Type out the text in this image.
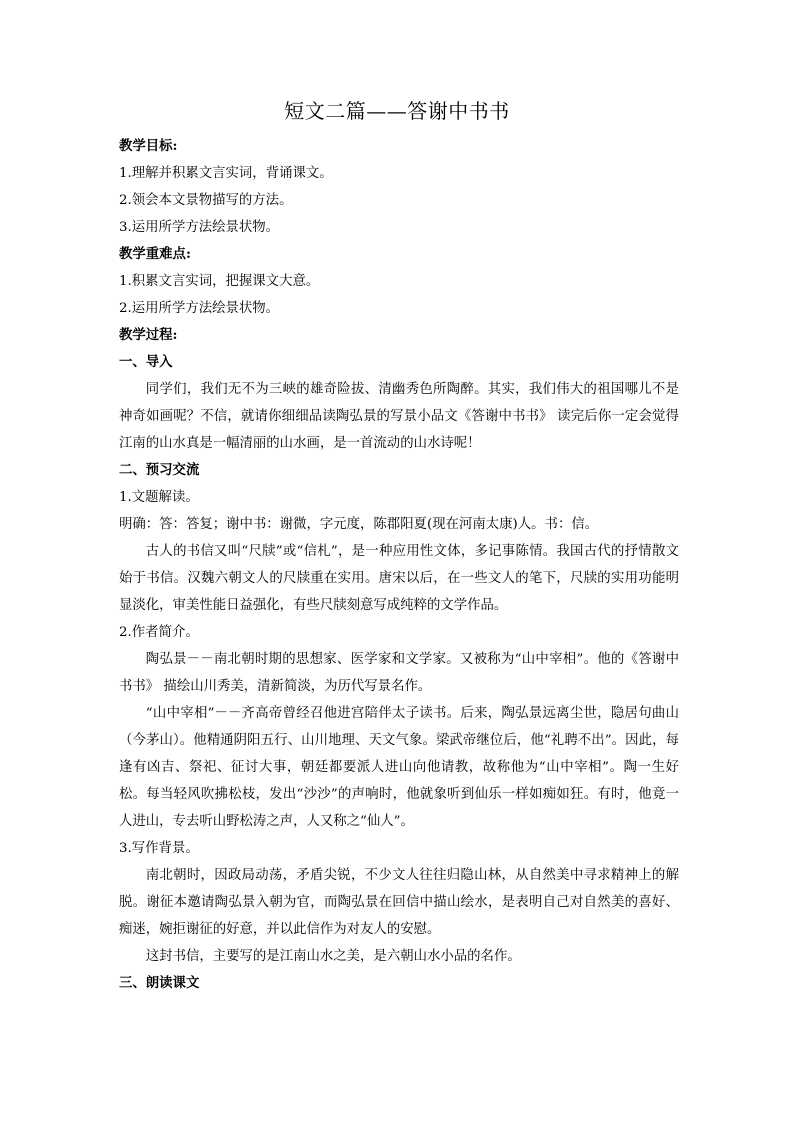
短文二篇——答谢中书书
教学目标:
1.理解并积累文言实词，背诵课文。
2.领会本文景物描写的方法。
3.运用所学方法绘景状物。
教学重难点:
1.积累文言实词，把握课文大意。
2.运用所学方法绘景状物。
教学过程:
一、导入
同学们，我们无不为三峡的雄奇险拔、清幽秀色所陶醉。其实，我们伟大的祖国哪儿不是神奇如画呢？不信，就请你细细品读陶弘景的写景小品文《答谢中书书》 读完后你一定会觉得江南的山水真是一幅清丽的山水画，是一首流动的山水诗呢！
二、预习交流
1.文题解读。
明确：答：答复；谢中书：谢微，字元度，陈郡阳夏(现在河南太康)人。书：信。
古人的书信又叫“尺牍”或“信札”，是一种应用性文体，多记事陈情。我国古代的抒情散文始于书信。汉魏六朝文人的尺牍重在实用。唐宋以后，在一些文人的笔下，尺牍的实用功能明显淡化，审美性能日益强化，有些尺牍刻意写成纯粹的文学作品。
2.作者简介。
陶弘景－－南北朝时期的思想家、医学家和文学家。又被称为“山中宰相”。他的《答谢中书书》 描绘山川秀美，清新简淡，为历代写景名作。
“山中宰相”－－齐高帝曾经召他进宫陪伴太子读书。后来，陶弘景远离尘世，隐居句曲山（今茅山）。他精通阴阳五行、山川地理、天文气象。梁武帝继位后，他“礼聘不出”。因此，每逢有凶吉、祭祀、征讨大事，朝廷都要派人进山向他请教，故称他为“山中宰相”。陶一生好松。每当轻风吹拂松枝，发出“沙沙”的声响时，他就象听到仙乐一样如痴如狂。有时，他竟一人进山，专去听山野松涛之声，人又称之“仙人”。
3.写作背景。
南北朝时，因政局动荡，矛盾尖锐，不少文人往往归隐山林，从自然美中寻求精神上的解脱。谢征本邀请陶弘景入朝为官，而陶弘景在回信中描山绘水，是表明自己对自然美的喜好、痴迷，婉拒谢征的好意，并以此信作为对友人的安慰。
这封书信，主要写的是江南山水之美，是六朝山水小品的名作。
三、朗读课文
